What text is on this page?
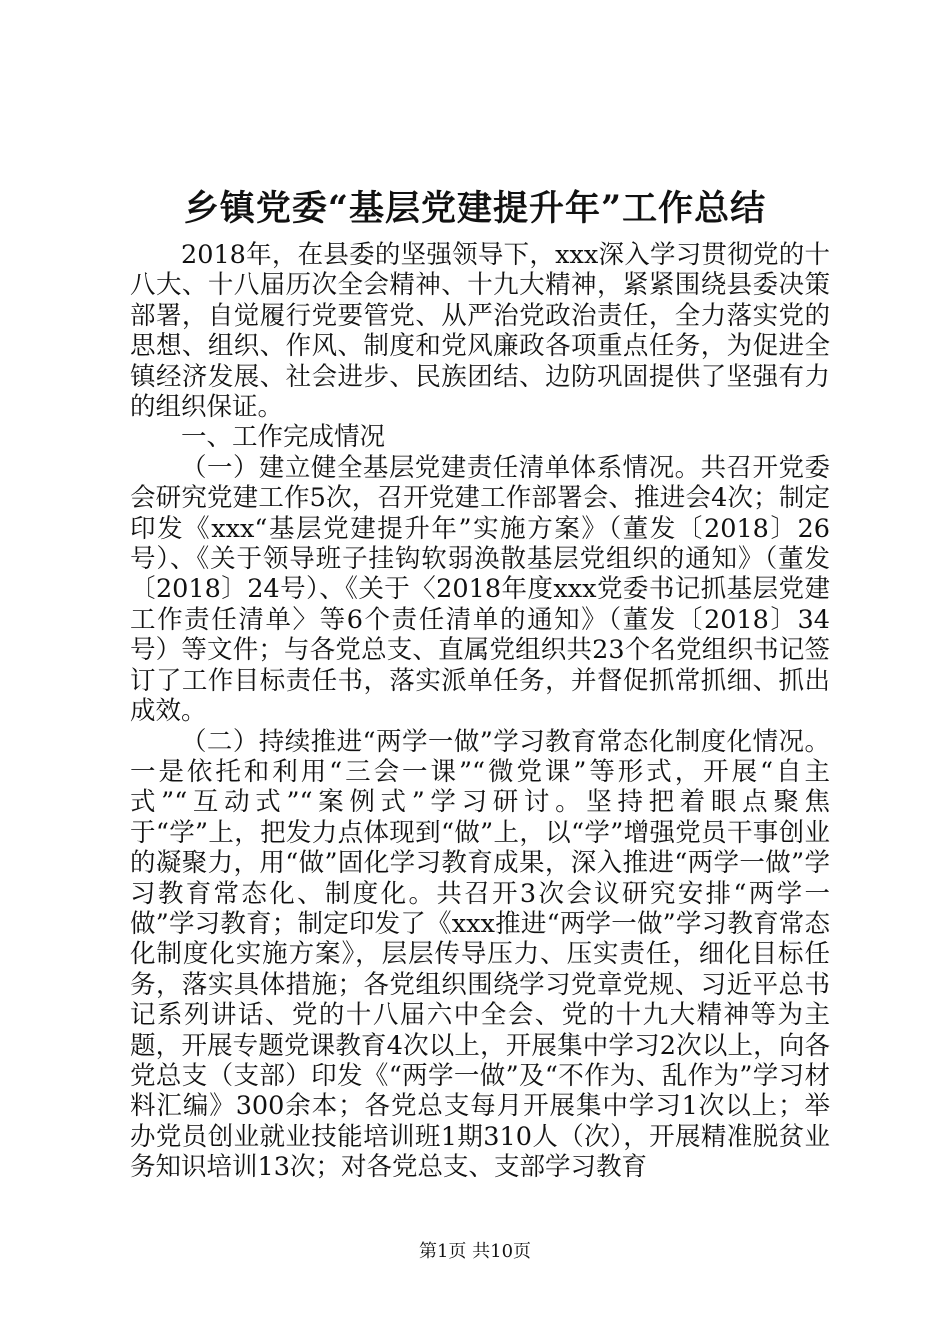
乡镇党委“基层党建提升年”工作总结

2018年，在县委的坚强领导下，xxx深入学习贯彻党的十八大、十八届历次全会精神、十九大精神，紧紧围绕县委决策部署，自觉履行党要管党、从严治党政治责任，全力落实党的思想、组织、作风、制度和党风廉政各项重点任务，为促进全镇经济发展、社会进步、民族团结、边防巩固提供了坚强有力的组织保证。

一、工作完成情况

（一）建立健全基层党建责任清单体系情况。共召开党委会研究党建工作5次，召开党建工作部署会、推进会4次；制定印发《xxx“基层党建提升年”实施方案》（董发〔2018〕26号）、《关于领导班子挂钩软弱涣散基层党组织的通知》（董发〔2018〕24号）、《关于〈2018年度xxx党委书记抓基层党建工作责任清单〉等6个责任清单的通知》（董发〔2018〕34号）等文件；与各党总支、直属党组织共23个名党组织书记签订了工作目标责任书，落实派单任务，并督促抓常抓细、抓出成效。

（二）持续推进“两学一做”学习教育常态化制度化情况。一是依托和利用“三会一课”“微党课”等形式，开展“自主式”“互动式”“案例式”学习研讨。坚持把着眼点聚焦于“学”上，把发力点体现到“做”上，以“学”增强党员干事创业的凝聚力，用“做”固化学习教育成果，深入推进“两学一做”学习教育常态化、制度化。共召开3次会议研究安排“两学一做”学习教育；制定印发了《xxx推进“两学一做”学习教育常态化制度化实施方案》，层层传导压力、压实责任，细化目标任务，落实具体措施；各党组织围绕学习党章党规、习近平总书记系列讲话、党的十八届六中全会、党的十九大精神等为主题，开展专题党课教育4次以上，开展集中学习2次以上，向各党总支（支部）印发《“两学一做”及“不作为、乱作为”学习材料汇编》300余本；各党总支每月开展集中学习1次以上；举办党员创业就业技能培训班1期310人（次），开展精准脱贫业务知识培训13次；对各党总支、支部学习教育

第1页 共10页
